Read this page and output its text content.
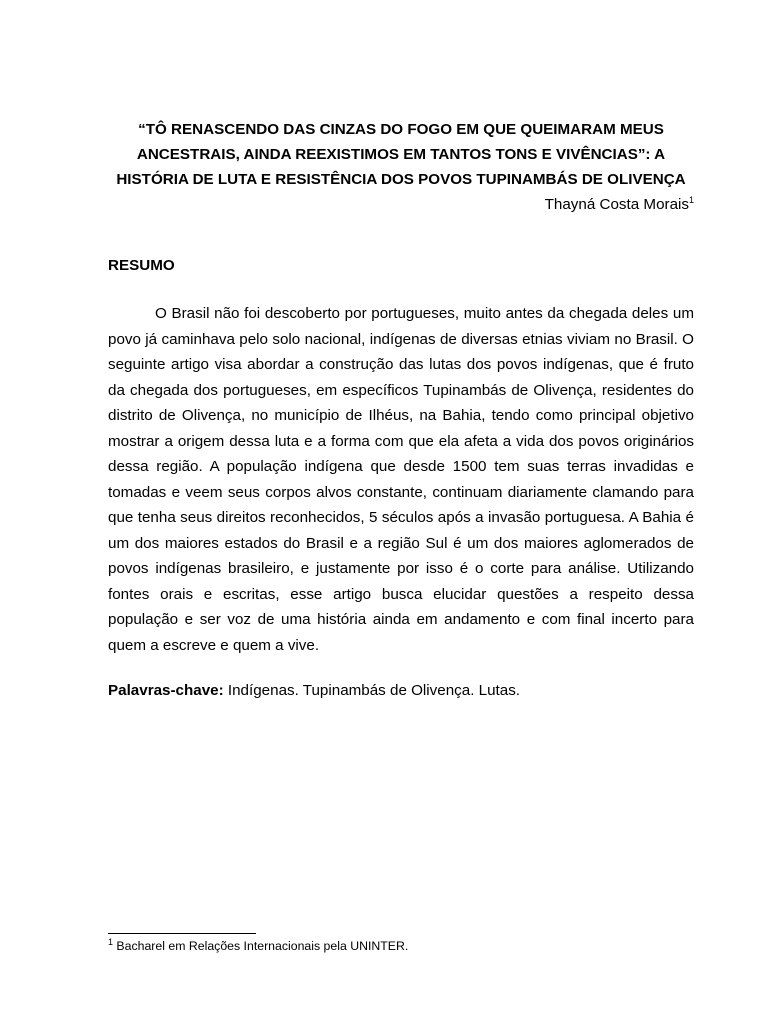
“TÔ RENASCENDO DAS CINZAS DO FOGO EM QUE QUEIMARAM MEUS ANCESTRAIS, AINDA REEXISTIMOS EM TANTOS TONS E VIVÊNCIAS”: A HISTÓRIA DE LUTA E RESISTÊNCIA DOS POVOS TUPINAMBÁS DE OLIVENÇA
Thayná Costa Morais$^1$
RESUMO

O Brasil não foi descoberto por portugueses, muito antes da chegada deles um povo já caminhava pelo solo nacional, indígenas de diversas etnias viviam no Brasil. O seguinte artigo visa abordar a construção das lutas dos povos indígenas, que é fruto da chegada dos portugueses, em específicos Tupinambás de Olivença, residentes do distrito de Olivença, no município de Ilhéus, na Bahia, tendo como principal objetivo mostrar a origem dessa luta e a forma com que ela afeta a vida dos povos originários dessa região. A população indígena que desde 1500 tem suas terras invadidas e tomadas e veem seus corpos alvos constante, continuam diariamente clamando para que tenha seus direitos reconhecidos, 5 séculos após a invasão portuguesa. A Bahia é um dos maiores estados do Brasil e a região Sul é um dos maiores aglomerados de povos indígenas brasileiro, e justamente por isso é o corte para análise. Utilizando fontes orais e escritas, esse artigo busca elucidar questões a respeito dessa população e ser voz de uma história ainda em andamento e com final incerto para quem a escreve e quem a vive.

Palavras-chave: Indígenas. Tupinambás de Olivença. Lutas.

$^1$ Bacharel em Relações Internacionais pela UNINTER.
